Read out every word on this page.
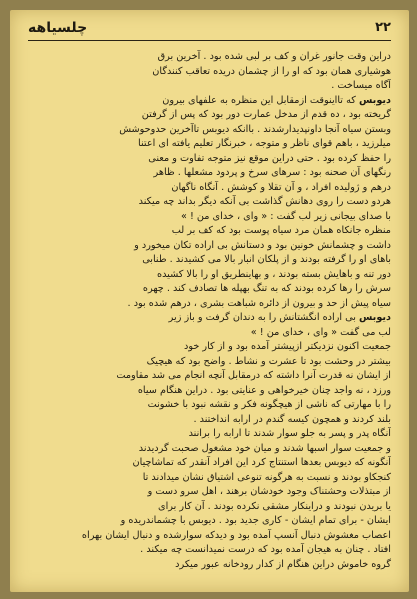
چلسیاهه	۲۲
دراین وقت جانور غران و کف بر لبی شده بود . آخرین برق
هوشیاری همان بود که او را از چشمان دریده تعاقب کنندگان
آگاه میساخت .
دیوبس که تااینوقت ازمقابل این منظره به علفهای بیرون
گریخته بود ، ده قدم از مدخل عمارت دور بود که پس از گرفتن
وبستن سیاه آنجا داونپدیدارشدند . باانکه دیوبس تاآخرین حدوحوشش
میلرزید ، باهم قوای ناظر و متوجه ، خبرنگار تعلیم یافته ای اعتنا
را حفظ کرده بود . حتی دراین موقع نیز متوجه تفاوت و معنی
رنگهای آن صحنه بود : سرهای سرخ و پردود مشعلها . ظاهر
درهم و ژولیده افراد ، و آن تقلا و کوشش . آنگاه ناگهان
هردو دست را روی دهانش گذاشت بی آنکه دیگر بداند چه میکند
با صدای بیجانی زیر لب گفت : « وای ، خدای من ! »
منظره جانکاه همان مرد سیاه پوست بود که کف بر لب
داشت و چشمانش خونین بود و دستانش بی اراده تکان میخورد و
باهای او را گرفته بودند و از پلکان انبار بالا می کشیدند . طنابی
دور تنه و باهایش بسته بودند ، و بهاینطریق او را بالا کشیده
سرش را رها کرده بودند که به تنگ بهپله ها تصادف کند . چهره
سیاه پیش از حد و بیرون از دائره شباهت بشری ، درهم شده بود .
دیوبس بی اراده انگشتانش را به دندان گرفت و باز زیر
لب می گفت « وای ، خدای من ! »
جمعیت اکنون نزدیکتر ازپیشتر آمده بود و از کار خود
بیشتر در وحشت بود تا عشرت و نشاط . واضح بود که هیچیک
از ایشان نه قدرت آنرا داشته که درمقابل آنچه انجام می شد مقاومت
ورزد ، نه واجد چنان خیرخواهی و عنایتی بود . دراین هنگام سیاه
را با مهارتی که ناشی از هیچگونه فکر و نقشه نبود با خشونت
بلند کردند و همچون کیسه گندم در ارابه انداختند .
آنگاه پدر و پسر به جلو سوار شدند تا ارابه را برانند
و جمعیت سوار اسبها شدند و میان خود مشغول صحبت گردیدند
آنگونه که دیوبس بعدها استنتاج کرد این افراد آنقدر که تماشاچیان
کنجکاو بودند و نسبت به هرگونه تنوعی اشتیاق نشان میدادند تا
از مبتذلات وحشتناک وجود خودشان برهند ، اهل سرو دست و
یا بریدن نبودند و دراینکار مشقی نکرده بودند . آن کار برای
ایشان - برای تمام ایشان - کاری جدید بود . دیوبس با چشماندریده و
اعصاب مغشوش دنبال آنسپ آمده بود و دیدکه سوارشده و دنبال ایشان بهراه
افتاد . چنان به هیجان آمده بود که درست نمیدانست چه میکند .
گروه خاموش دراین هنگام از کدار رودخانه عبور میکرد
